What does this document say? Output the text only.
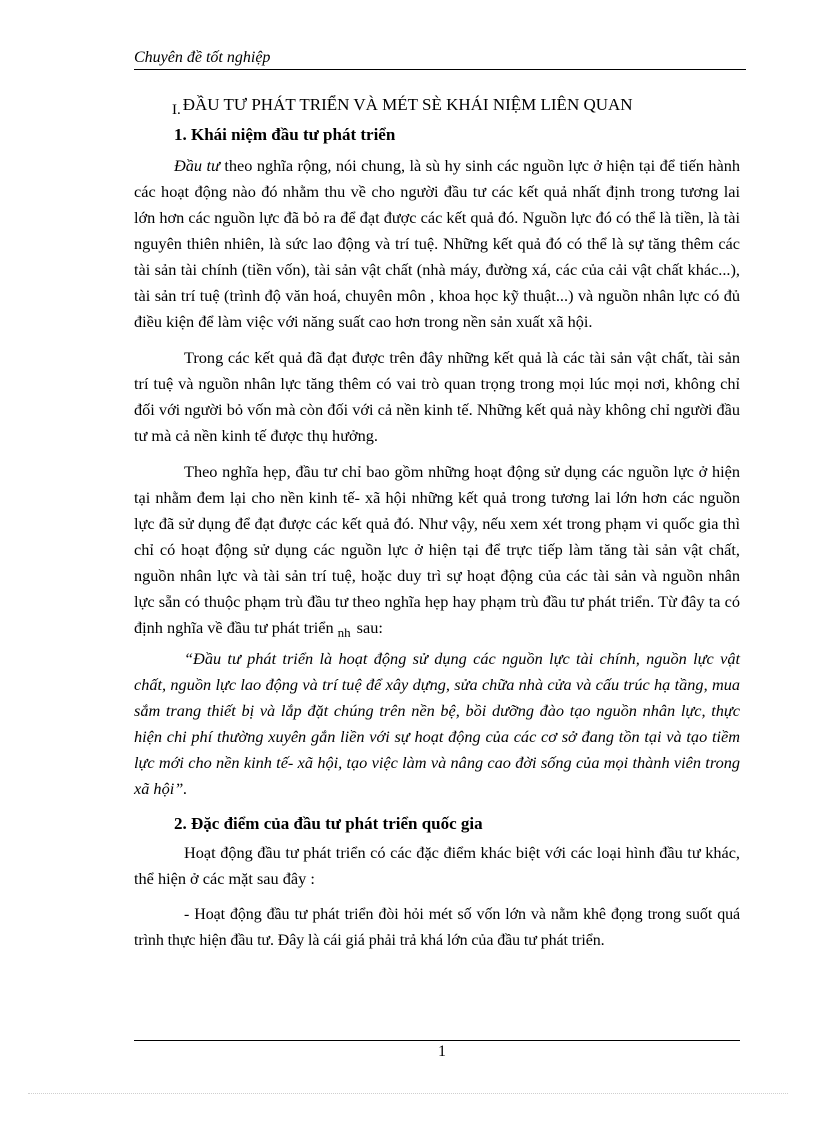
Chuyên đề tốt nghiệp
I. ĐẦU TƯ PHÁT TRIỂN VÀ MÉT SÈ KHÁI NIỆM LIÊN QUAN
1. Khái niệm đầu tư phát triển

Đầu tư theo nghĩa rộng, nói chung, là sù hy sinh các nguồn lực ở hiện tại để tiến hành các hoạt động nào đó nhằm thu về cho người đầu tư các kết quả nhất định trong tương lai lớn hơn các nguồn lực đã bỏ ra để đạt được các kết quả đó. Nguồn lực đó có thể là tiền, là tài nguyên thiên nhiên, là sức lao động và trí tuệ. Những kết quả đó có thể là sự tăng thêm các tài sản tài chính (tiền vốn), tài sản vật chất (nhà máy, đường xá, các của cải vật chất khác...), tài sản trí tuệ (trình độ văn hoá, chuyên môn , khoa học kỹ thuật...) và nguồn nhân lực có đủ điều kiện để làm việc với năng suất cao hơn trong nền sản xuất xã hội.

Trong các kết quả đã đạt được trên đây những kết quả là các tài sản vật chất, tài sản trí tuệ và nguồn nhân lực tăng thêm có vai trò quan trọng trong mọi lúc mọi nơi, không chỉ đối với người bỏ vốn mà còn đối với cả nền kinh tế. Những kết quả này không chỉ người đầu tư mà cả nền kinh tế được thụ hưởng.

Theo nghĩa hẹp, đầu tư chỉ bao gồm những hoạt động sử dụng các nguồn lực ở hiện tại nhằm đem lại cho nền kinh tế- xã hội những kết quả trong tương lai lớn hơn các nguồn lực đã sử dụng để đạt được các kết quả đó. Như vậy, nếu xem xét trong phạm vi quốc gia thì chỉ có hoạt động sử dụng các nguồn lực ở hiện tại để trực tiếp làm tăng tài sản vật chất, nguồn nhân lực và tài sản trí tuệ, hoặc duy trì sự hoạt động của các tài sản và nguồn nhân lực sẵn có thuộc phạm trù đầu tư theo nghĩa hẹp hay phạm trù đầu tư phát triển. Từ đây ta có định nghĩa về đầu tư phát triển $_{nh}$ sau:

“Đầu tư phát triển là hoạt động sử dụng các nguồn lực tài chính, nguồn lực vật chất, nguồn lực lao động và trí tuệ để xây dựng, sửa chữa nhà cửa và cấu trúc hạ tầng, mua sắm trang thiết bị và lắp đặt chúng trên nền bệ, bồi dưỡng đào tạo nguồn nhân lực, thực hiện chi phí thường xuyên gắn liền với sự hoạt động của các cơ sở đang tồn tại và tạo tiềm lực mới cho nền kinh tế- xã hội, tạo việc làm và nâng cao đời sống của mọi thành viên trong xã hội”.

2. Đặc điểm của đầu tư phát triển quốc gia

Hoạt động đầu tư phát triển có các đặc điểm khác biệt với các loại hình đầu tư khác, thể hiện ở các mặt sau đây :

- Hoạt động đầu tư phát triển đòi hỏi mét số vốn lớn và nằm khê đọng trong suốt quá trình thực hiện đầu tư. Đây là cái giá phải trả khá lớn của đầu tư phát triển.

1
